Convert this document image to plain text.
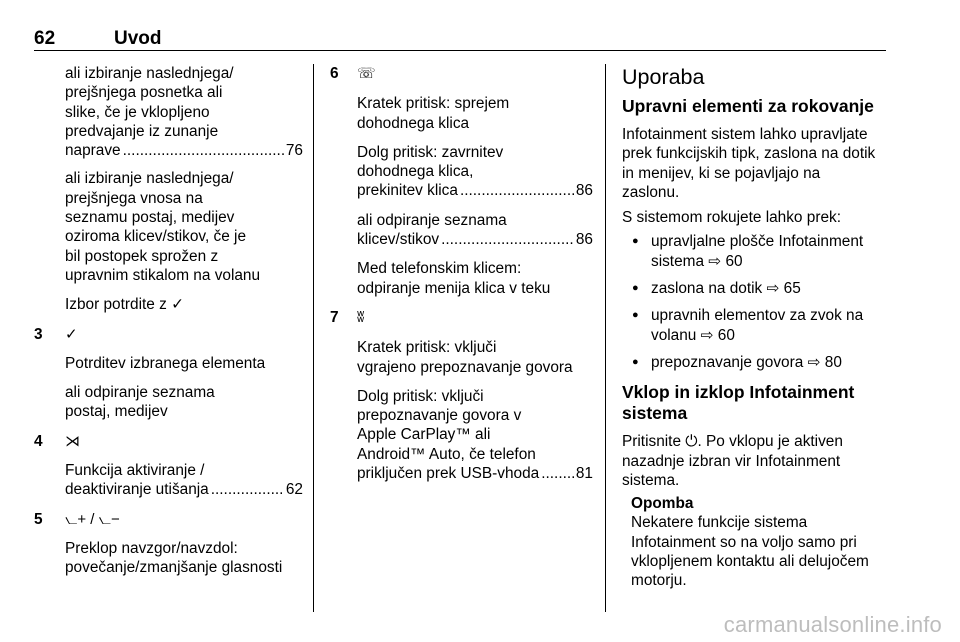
62	Uvod

ali izbiranje naslednjega/
prejšnjega posnetka ali
slike, če je vklopljeno
predvajanje iz zunanje

naprave .....	76

ali izbiranje naslednjega/
prejšnjega vnosa na
seznamu postaj, medijev
oziroma klicev/stikov, če je
bil postopek sprožen z
upravnim stikalom na volanu

Izbor potrdite z ✓

3 ✓

Potrditev izbranega elementa

ali odpiranje seznama
postaj, medijev

4 ⋊

Funkcija aktiviranje /

deaktiviranje utišanja .....	62
5 ⦦+ / ⦦−

Preklop navzgor/navzdol:
povečanje/zmanjšanje glasnosti

6 ☏

Kratek pritisk: sprejem
dohodnega klica

Dolg pritisk: zavrnitev
dohodnega klica,

prekinitev klica .....	86

ali odpiranje seznama

klicev/stikov .....	86

Med telefonskim klicem:
odpiranje menija klica v teku

7 ʬ

Kratek pritisk: vključi
vgrajeno prepoznavanje govora

Dolg pritisk: vključi
prepoznavanje govora v
Apple CarPlay™ ali
Android™ Auto, če telefon

priključen prek USB-vhoda ..... 81
Uporaba
Upravni elementi za rokovanje

Infotainment sistem lahko upravljate
prek funkcijskih tipk, zaslona na dotik
in menijev, ki se pojavljajo na
zaslonu.

S sistemom rokujete lahko prek:

● upravljalne plošče Infotainment
sistema ⇨ 60
● zaslona na dotik ⇨ 65
● upravnih elementov za zvok na
volanu ⇨ 60
● prepoznavanje govora ⇨ 80
Vklop in izklop Infotainment
sistema

Pritisnite ⏻. Po vklopu je aktiven
nazadnje izbran vir Infotainment
sistema.

Opomba
Nekatere funkcije sistema
Infotainment so na voljo samo pri
vklopljenem kontaktu ali delujočem
motorju.
carmanualsonline.info
